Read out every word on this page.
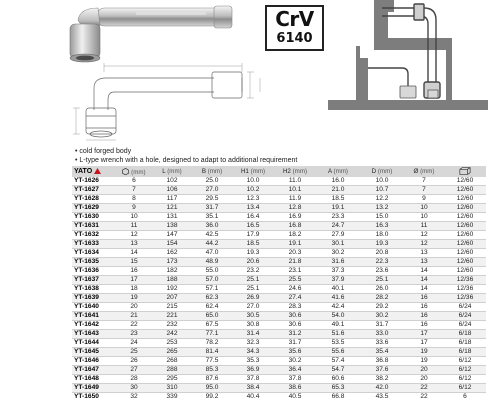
CrV
6140
• cold forged body
• L-type wrench with a hole, designed to adapt to additional requirement
YATO	(mm)	L (mm)	B (mm)	H1 (mm)	H2 (mm)	A (mm)	D (mm)	Ø (mm)	
YT-1626	6	102	25.0	10.0	11.0	16.0	10.0	7	12/60
YT-1627	7	106	27.0	10.2	10.1	21.0	10.7	7	12/60
YT-1628	8	117	29.5	12.3	11.9	18.5	12.2	9	12/60
YT-1629	9	121	31.7	13.4	12.8	19.1	13.2	10	12/60
YT-1630	10	131	35.1	16.4	16.9	23.3	15.0	10	12/60
YT-1631	11	138	36.0	16.5	16.8	24.7	16.3	11	12/60
YT-1632	12	147	42.5	17.9	18.2	27.9	18.0	12	12/60
YT-1633	13	154	44.2	18.5	19.1	30.1	19.3	12	12/60
YT-1634	14	162	47.0	19.3	20.3	30.2	20.8	13	12/60
YT-1635	15	173	48.9	20.6	21.8	31.6	22.3	13	12/60
YT-1636	16	182	55.0	23.2	23.1	37.3	23.6	14	12/60
YT-1637	17	188	57.0	25.1	25.5	37.9	25.1	14	12/36
YT-1638	18	192	57.1	25.1	24.6	40.1	26.0	14	12/36
YT-1639	19	207	62.3	26.9	27.4	41.6	28.2	16	12/36
YT-1640	20	215	62.4	27.0	28.3	42.4	29.2	16	6/24
YT-1641	21	221	65.0	30.5	30.6	54.0	30.2	16	6/24
YT-1642	22	232	67.5	30.8	30.6	49.1	31.7	16	6/24
YT-1643	23	242	77.1	31.4	31.2	51.6	33.0	17	6/18
YT-1644	24	253	78.2	32.3	31.7	53.5	33.6	17	6/18
YT-1645	25	265	81.4	34.3	35.6	55.6	35.4	19	6/18
YT-1646	26	268	77.5	35.3	30.2	57.4	36.8	19	6/12
YT-1647	27	288	85.3	36.9	36.4	54.7	37.6	20	6/12
YT-1648	28	295	87.6	37.8	37.8	60.6	38.2	20	6/12
YT-1649	30	310	95.0	38.4	38.6	65.3	42.0	22	6/12
YT-1650	32	339	99.2	40.4	40.5	66.8	43.5	22	6
